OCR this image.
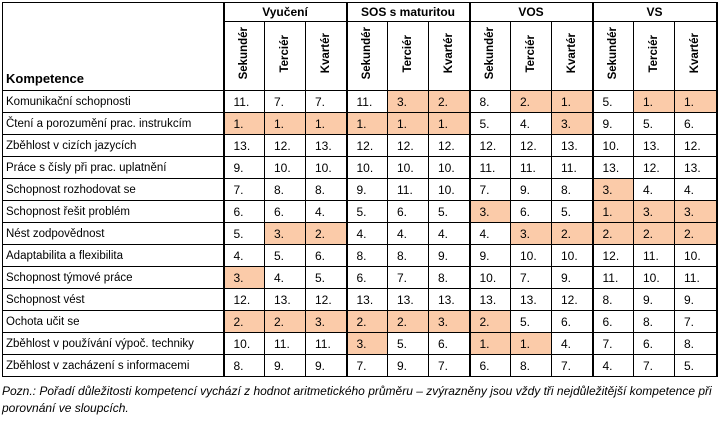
Kompetence	Vyučení			SOS s maturitou			VOS			VS		
	Sekundér	Terciér	Kvartér	Sekundér	Terciér	Kvartér	Sekundér	Terciér	Kvartér	Sekundér	Terciér	Kvartér
Komunikační schopnosti	11.	7.	7.	11.	3.	2.	8.	2.	1.	5.	1.	1.
Čtení a porozumění prac. instrukcím	1.	1.	1.	1.	1.	1.	5.	4.	3.	9.	5.	6.
Zběhlost v cizích jazycích	13.	12.	13.	12.	12.	12.	12.	12.	13.	10.	13.	12.
Práce s čísly při prac. uplatnění	9.	10.	10.	10.	10.	10.	11.	11.	11.	13.	12.	13.
Schopnost rozhodovat se	7.	8.	8.	9.	11.	10.	7.	9.	8.	3.	4.	4.
Schopnost řešit problém	6.	6.	4.	5.	6.	5.	3.	6.	5.	1.	3.	3.
Nést zodpovědnost	5.	3.	2.	4.	4.	4.	4.	3.	2.	2.	2.	2.
Adaptabilita a flexibilita	4.	5.	6.	8.	8.	9.	9.	10.	10.	12.	11.	10.
Schopnost týmové práce	3.	4.	5.	6.	7.	8.	10.	7.	9.	11.	10.	11.
Schopnost vést	12.	13.	12.	13.	13.	13.	13.	13.	12.	8.	9.	9.
Ochota učit se	2.	2.	3.	2.	2.	3.	2.	5.	6.	6.	8.	7.
Zběhlost v používání výpoč. techniky	10.	11.	11.	3.	5.	6.	1.	1.	4.	7.	6.	8.
Zběhlost v zacházení s informacemi	8.	9.	9.	7.	9.	7.	6.	8.	7.	4.	7.	5.

Pozn.: Pořadí důležitosti kompetencí vychází z hodnot aritmetického průměru – zvýrazněny jsou vždy tři nejdůležitější kompetence při porovnání ve sloupcích.
